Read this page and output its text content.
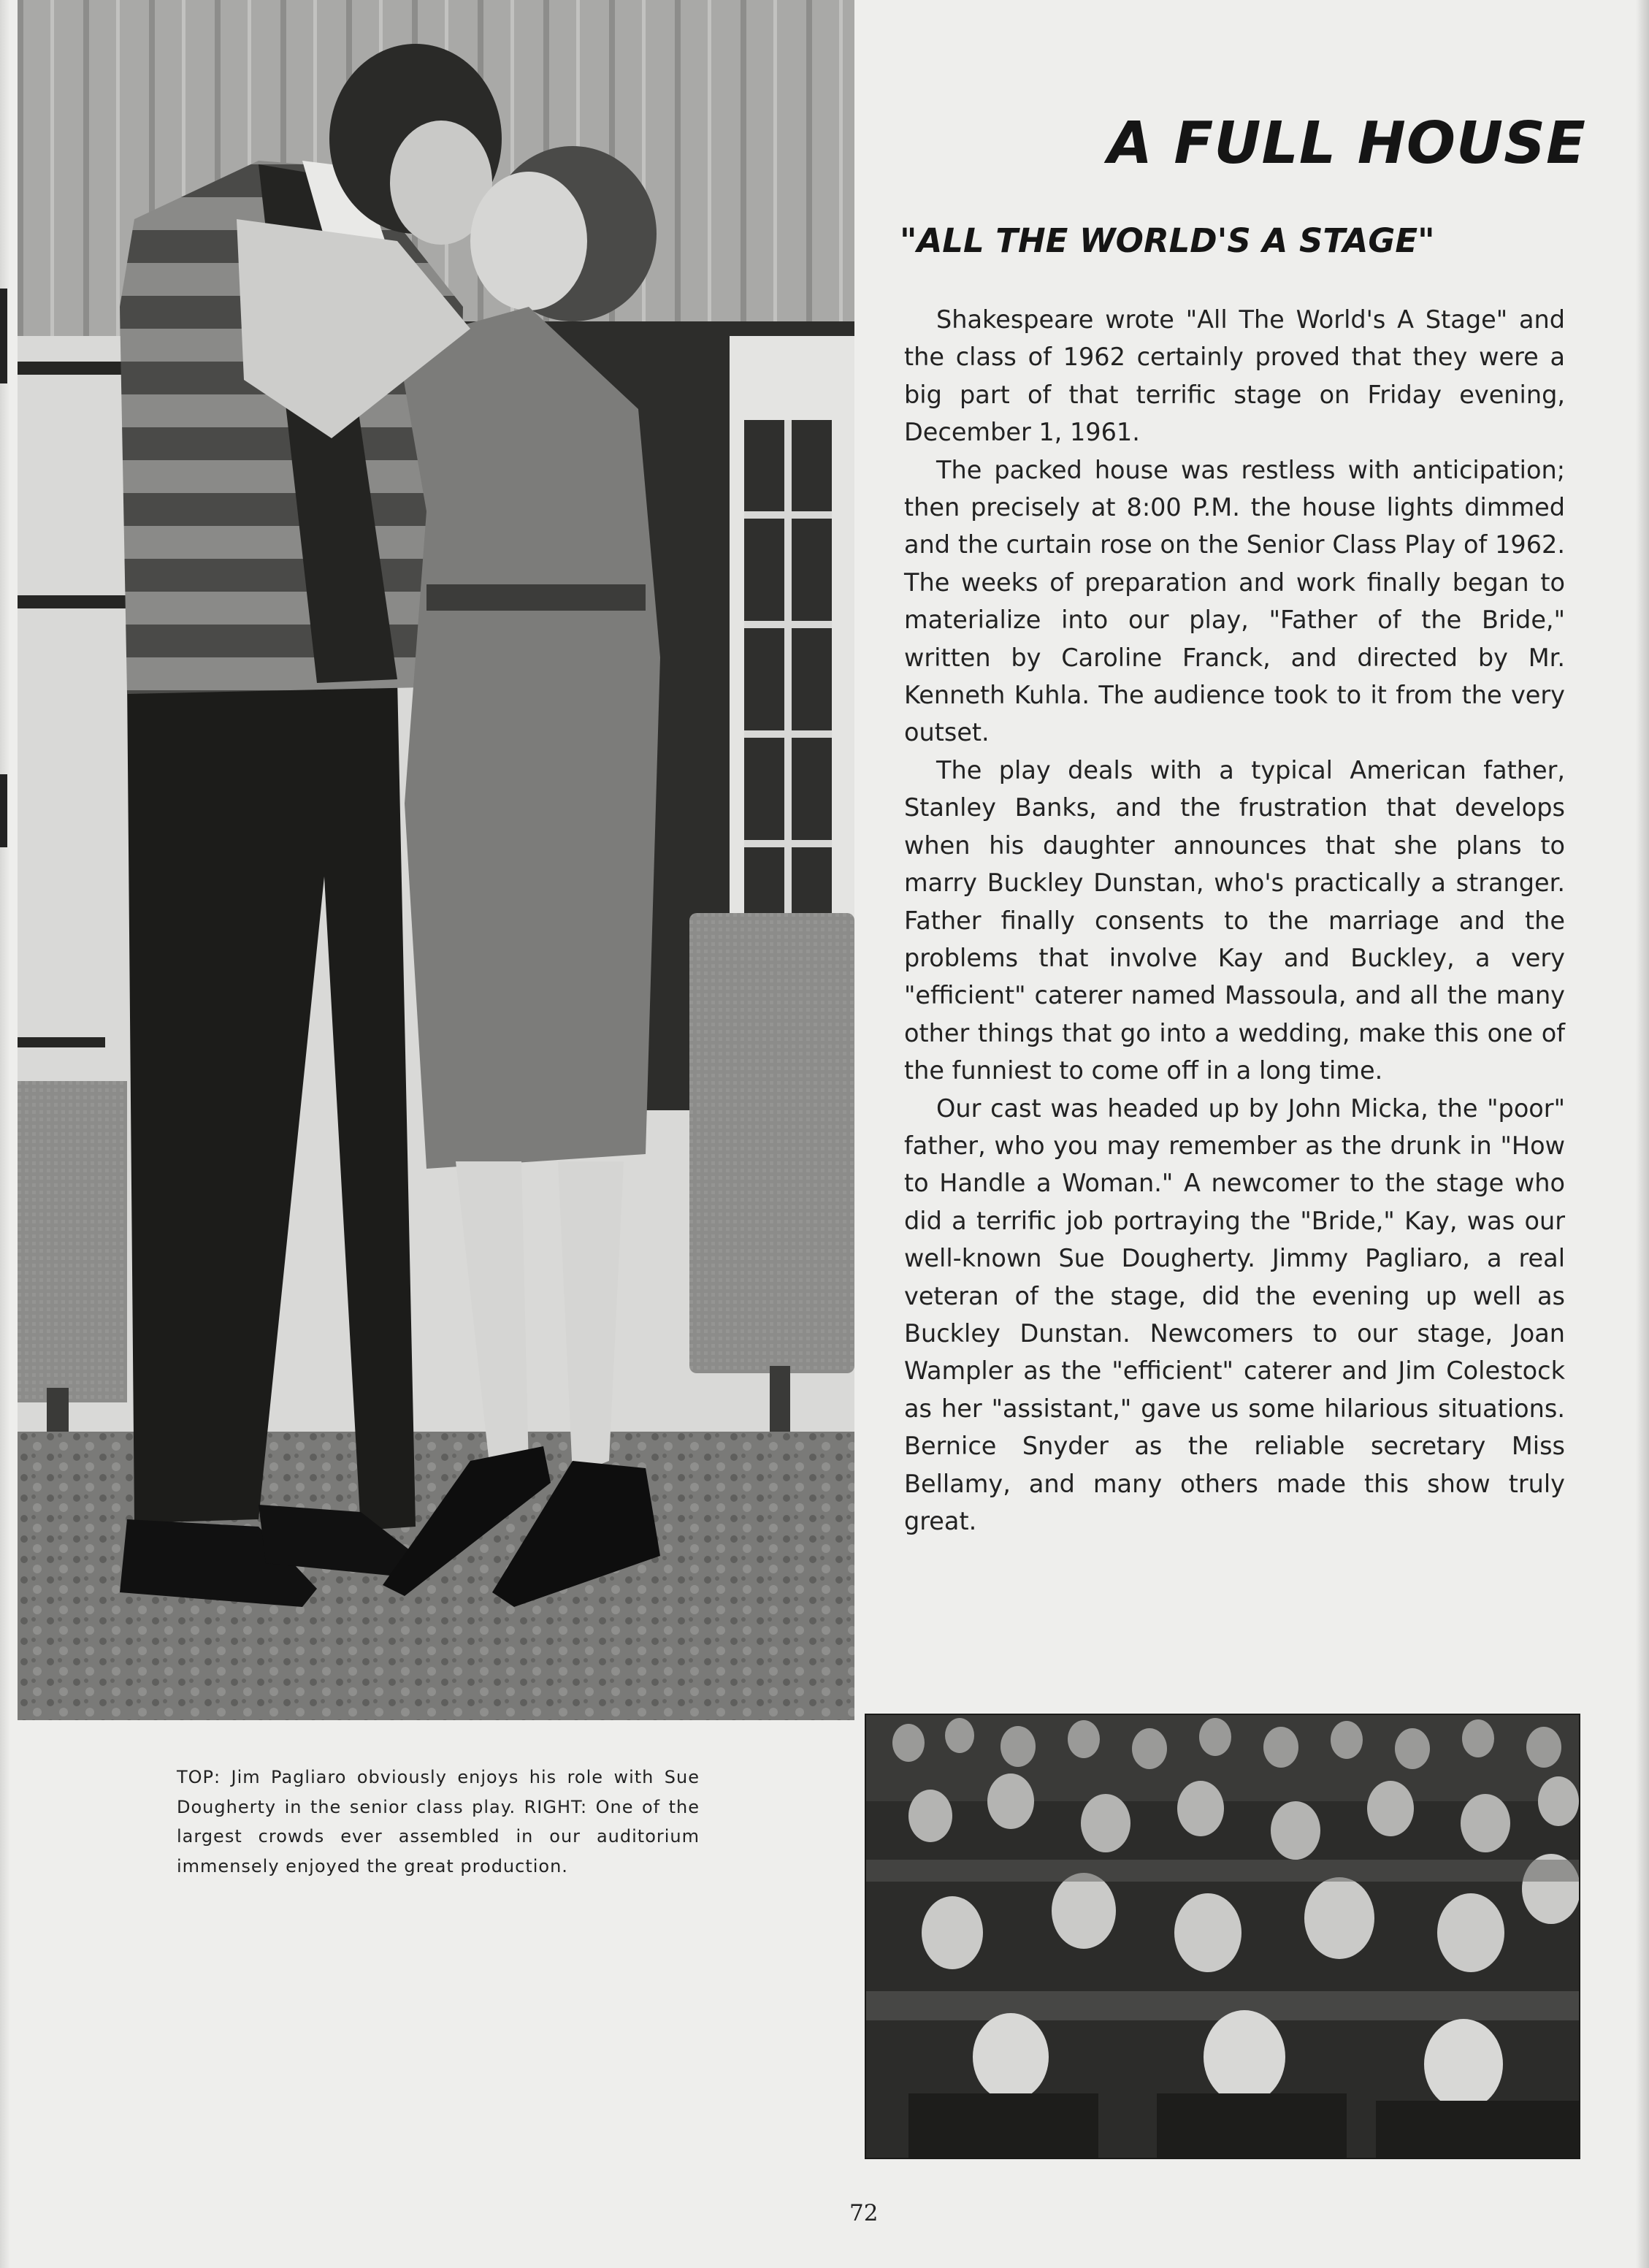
A FULL HOUSE
"ALL THE WORLD'S A STAGE"

Shakespeare wrote "All The World's A Stage" and the class of 1962 certainly proved that they were a big part of that terrific stage on Friday evening, December 1, 1961.

The packed house was restless with anticipation; then precisely at 8:00 P.M. the house lights dimmed and the curtain rose on the Senior Class Play of 1962. The weeks of preparation and work finally began to materialize into our play, "Father of the Bride," written by Caroline Franck, and directed by Mr. Kenneth Kuhla. The audience took to it from the very outset.

The play deals with a typical American father, Stanley Banks, and the frustration that develops when his daughter announces that she plans to marry Buckley Dunstan, who's practically a stranger. Father finally consents to the marriage and the problems that involve Kay and Buckley, a very "efficient" caterer named Massoula, and all the many other things that go into a wedding, make this one of the funniest to come off in a long time.

Our cast was headed up by John Micka, the "poor" father, who you may remember as the drunk in "How to Handle a Woman." A newcomer to the stage who did a terrific job portraying the "Bride," Kay, was our well-known Sue Dougherty. Jimmy Pagliaro, a real veteran of the stage, did the evening up well as Buckley Dunstan. Newcomers to our stage, Joan Wampler as the "efficient" caterer and Jim Colestock as her "assistant," gave us some hilarious situations. Bernice Snyder as the reliable secretary Miss Bellamy, and many others made this show truly great.

TOP: Jim Pagliaro obviously enjoys his role with Sue Dougherty in the senior class play. RIGHT: One of the largest crowds ever assembled in our auditorium immensely enjoyed the great production.
72
